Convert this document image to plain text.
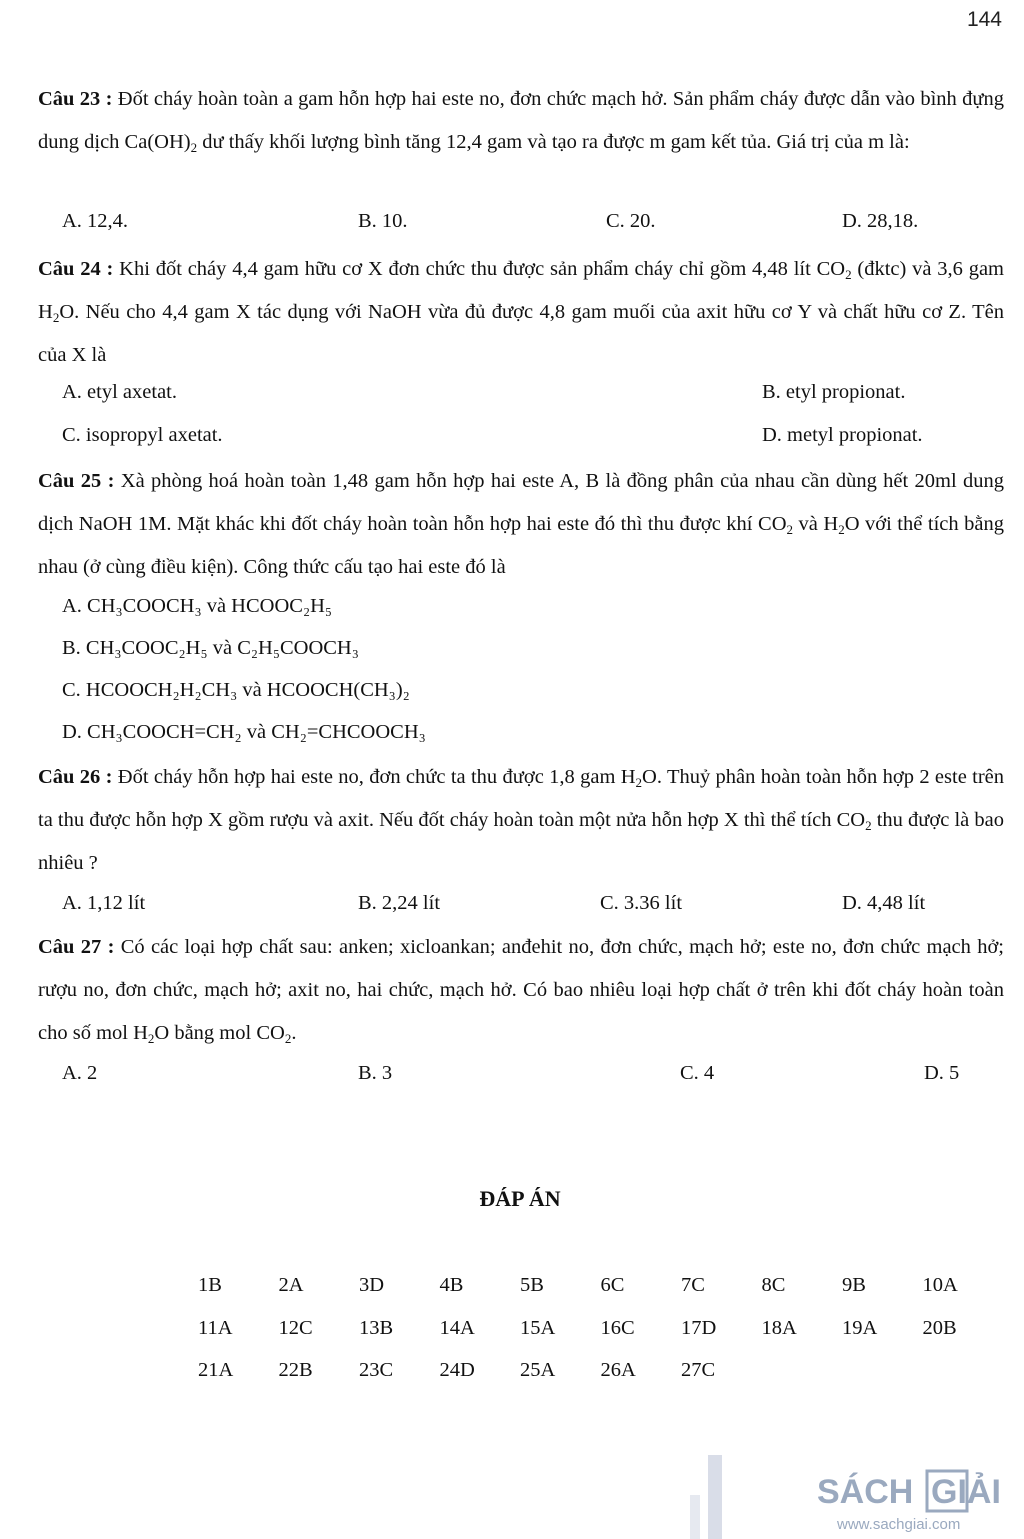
144
Câu 23 : Đốt cháy hoàn toàn a gam hỗn hợp hai este no, đơn chức mạch hở. Sản phẩm cháy được dẫn vào bình đựng dung dịch $Ca(OH)_2$ dư thấy khối lượng bình tăng 12,4 gam và tạo ra được m gam kết tủa. Giá trị của m là:
A. 12,4.	B. 10.	C. 20.	D. 28,18.
Câu 24 : Khi đốt cháy 4,4 gam hữu cơ X đơn chức thu được sản phẩm cháy chỉ gồm 4,48 lít $CO_2$ (đktc) và 3,6 gam $H_2O$. Nếu cho 4,4 gam X tác dụng với NaOH vừa đủ được 4,8 gam muối của axit hữu cơ Y và chất hữu cơ Z. Tên của X là
A. etyl axetat.	B. etyl propionat.
C. isopropyl axetat.	D. metyl propionat.
Câu 25 : Xà phòng hoá hoàn toàn 1,48 gam hỗn hợp hai este A, B là đồng phân của nhau cần dùng hết 20ml dung dịch NaOH 1M. Mặt khác khi đốt cháy hoàn toàn hỗn hợp hai este đó thì thu được khí $CO_2$ và $H_2O$ với thể tích bằng nhau (ở cùng điều kiện). Công thức cấu tạo hai este đó là
A. CH₃COOCH₃ và HCOOC₂H₅
B. CH₃COOC₂H₅ và C₂H₅COOCH₃
C. HCOOCH₂H₂CH₃ và HCOOCH(CH₃)₂
D. CH₃COOCH=CH₂ và CH₂=CHCOOCH₃
Câu 26 : Đốt cháy hỗn hợp hai este no, đơn chức ta thu được 1,8 gam $H_2O$. Thuỷ phân hoàn toàn hỗn hợp 2 este trên ta thu được hỗn hợp X gồm rượu và axit. Nếu đốt cháy hoàn toàn một nửa hỗn hợp X thì thể tích $CO_2$ thu được là bao nhiêu ?
A. 1,12 lít	B. 2,24 lít	C. 3.36 lít	D. 4,48 lít
Câu 27 : Có các loại hợp chất sau: anken; xicloankan; anđehit no, đơn chức, mạch hở; este no, đơn chức mạch hở; rượu no, đơn chức, mạch hở; axit no, hai chức, mạch hở. Có bao nhiêu loại hợp chất ở trên khi đốt cháy hoàn toàn cho số mol $H_2O$ bằng mol $CO_2$.
A. 2	B. 3	C. 4	D. 5
ĐÁP ÁN
1B	2A	3D	4B	5B	6C	7C	8C	9B	10A
11A 12C 13B 14A 15A 16C 17D 18A 19A 20B
21A 22B 23C 24D 25A 26A 27C
SÁCH GIẢI
www.sachgiai.com
